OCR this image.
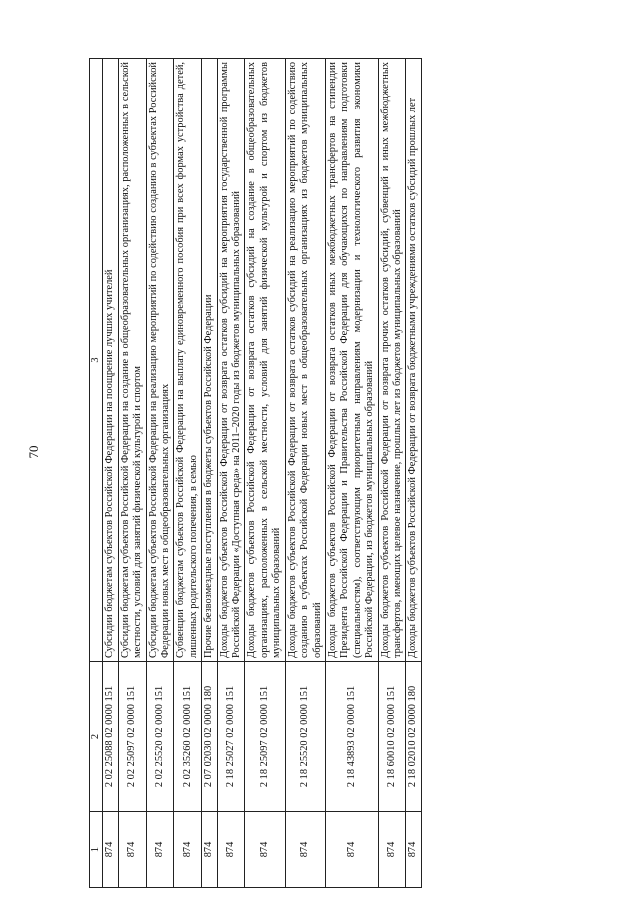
70
1	2	3
874	2 02 25088 02 0000 151	Субсидии бюджетам субъектов Российской Федерации на поощрение лучших учителей
874	2 02 25097 02 0000 151	Субсидии бюджетам субъектов Российской Федерации на создание в общеобразовательных организациях, расположенных в сельской местности, условий для занятий физической культурой и спортом
874	2 02 25520 02 0000 151	Субсидии бюджетам субъектов Российской Федерации на реализацию мероприятий по содействию созданию в субъектах Российской Федерации новых мест в общеобразовательных организациях
874	2 02 35260 02 0000 151	Субвенции бюджетам субъектов Российской Федерации на выплату единовременного пособия при всех формах устройства детей, лишенных родительского попечения, в семью
874	2 07 02030 02 0000 180	Прочие безвозмездные поступления в бюджеты субъектов Российской Федерации
874	2 18 25027 02 0000 151	Доходы бюджетов субъектов Российской Федерации от возврата остатков субсидий на мероприятия государственной программы Российской Федерации «Доступная среда» на 2011–2020 годы из бюджетов муниципальных образований
874	2 18 25097 02 0000 151	Доходы бюджетов субъектов Российской Федерации от возврата остатков субсидий на создание в общеобразовательных организациях, расположенных в сельской местности, условий для занятий физической культурой и спортом из бюджетов муниципальных образований
874	2 18 25520 02 0000 151	Доходы бюджетов субъектов Российской Федерации от возврата остатков субсидий на реализацию мероприятий по содействию созданию в субъектах Российской Федерации новых мест в общеобразовательных организациях из бюджетов муниципальных образований
874	2 18 43893 02 0000 151	Доходы бюджетов субъектов Российской Федерации от возврата остатков иных межбюджетных трансфертов на стипендии Президента Российской Федерации и Правительства Российской Федерации для обучающихся по направлениям подготовки (специальностям), соответствующим приоритетным направлениям модернизации и технологического развития экономики Российской Федерации, из бюджетов муниципальных образований
874	2 18 60010 02 0000 151	Доходы бюджетов субъектов Российской Федерации от возврата прочих остатков субсидий, субвенций и иных межбюджетных трансфертов, имеющих целевое назначение, прошлых лет из бюджетов муниципальных образований
874	2 18 02010 02 0000 180	Доходы бюджетов субъектов Российской Федерации от возврата бюджетными учреждениями остатков субсидий прошлых лет
